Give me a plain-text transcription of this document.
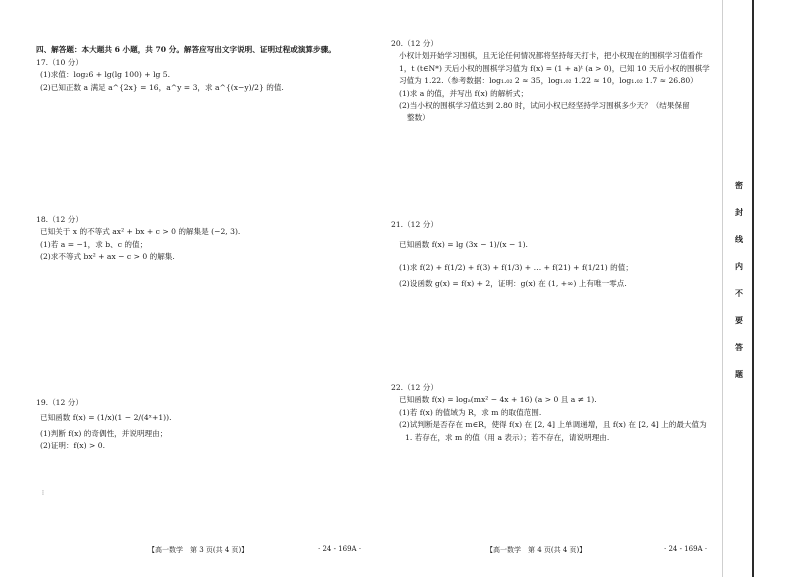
四、解答题：本大题共 6 小题，共 70 分。解答应写出文字说明、证明过程或演算步骤。
17.（10 分）
(1)求值：log₂6 + lg(lg 100) + lg 5.
(2)已知正数 a 满足 a^{2x} = 16，a^y = 3，求 a^{(x−y)/2} 的值.
18.（12 分）
已知关于 x 的不等式 ax² + bx + c > 0 的解集是 (−2, 3).
(1)若 a = −1，求 b、c 的值；
(2)求不等式 bx² + ax − c > 0 的解集.
19.（12 分）
已知函数 f(x) = (1/x)(1 − 2/(4ˣ+1)).
(1)判断 f(x) 的奇偶性，并说明理由；
(2)证明：f(x) > 0.
⁞
20.（12 分）
小权计划开始学习围棋，且无论任何情况都将坚持每天打卡，把小权现在的围棋学习值看作
1，t (t∈N*) 天后小权的围棋学习值为 f(x) = (1 + a)ᵗ (a > 0)，已知 10 天后小权的围棋学
习值为 1.22.（参考数据：log₁.₀₂ 2 ≈ 35，log₁.₀₂ 1.22 ≈ 10，log₁.₀₂ 1.7 ≈ 26.80）
(1)求 a 的值，并写出 f(x) 的解析式；
(2)当小权的围棋学习值达到 2.80 时，试问小权已经坚持学习围棋多少天？（结果保留
整数）
21.（12 分）
已知函数 f(x) = lg (3x − 1)/(x − 1).
(1)求 f(2) + f(1/2) + f(3) + f(1/3) + … + f(21) + f(1/21) 的值；
(2)设函数 g(x) = f(x) + 2，证明：g(x) 在 (1, +∞) 上有唯一零点.
22.（12 分）
已知函数 f(x) = logₐ(mx² − 4x + 16) (a > 0 且 a ≠ 1).
(1)若 f(x) 的值域为 R，求 m 的取值范围.
(2)试判断是否存在 m∈R，使得 f(x) 在 [2, 4] 上单调递增，且 f(x) 在 [2, 4] 上的最大值为
1. 若存在，求 m 的值（用 a 表示）；若不存在，请说明理由.
密
封
线
内
不
要
答
题
【高一数学　第 3 页(共 4 页)】	· 24 - 169A ·	【高一数学　第 4 页(共 4 页)】	· 24 - 169A ·
